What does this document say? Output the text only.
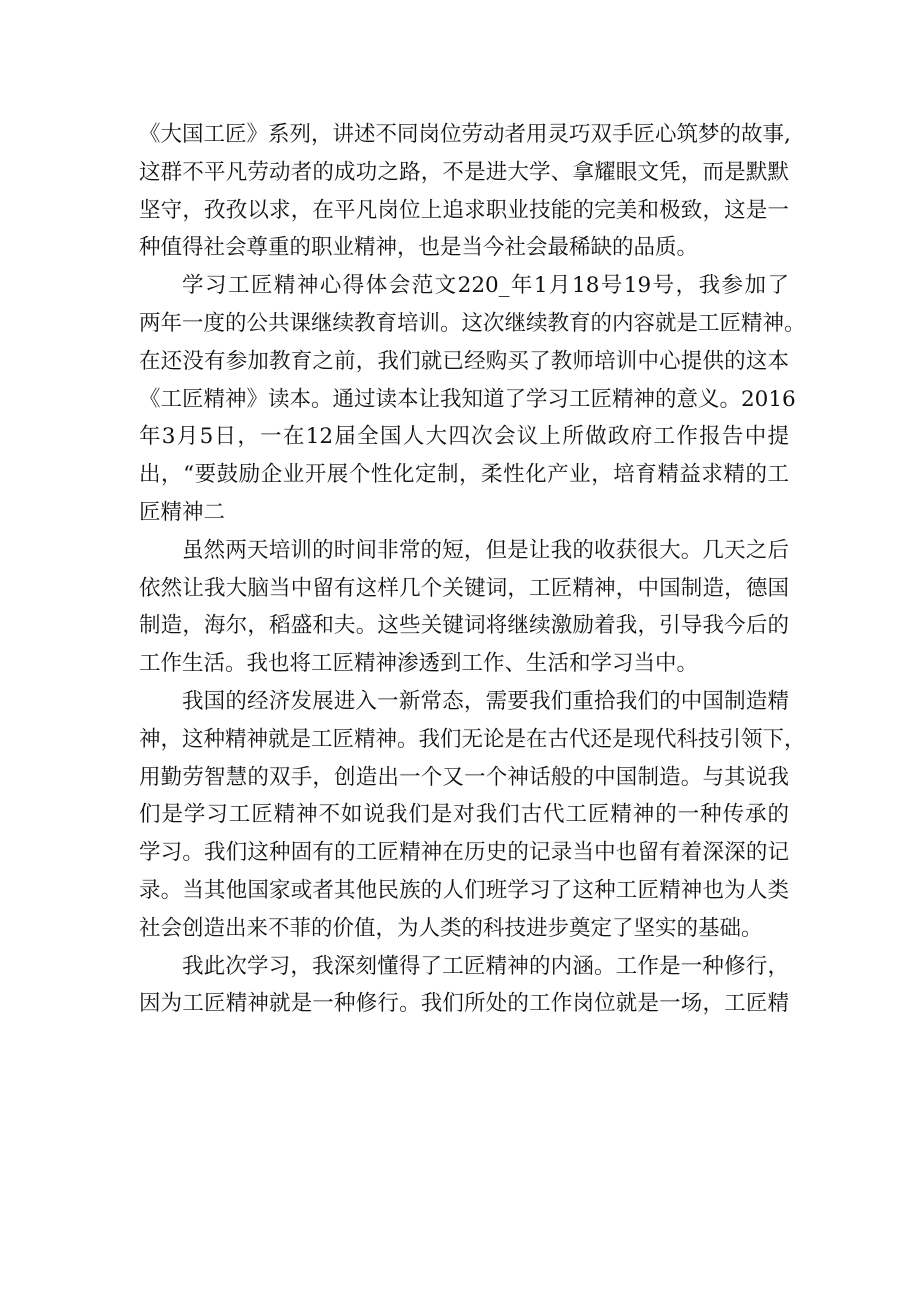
《大国工匠》系列，讲述不同岗位劳动者用灵巧双手匠心筑梦的故事,
这群不平凡劳动者的成功之路，不是进大学、拿耀眼文凭，而是默默
坚守，孜孜以求，在平凡岗位上追求职业技能的完美和极致，这是一
种值得社会尊重的职业精神，也是当今社会最稀缺的品质。
学习工匠精神心得体会范文220_年1月18号19号，我参加了
两年一度的公共课继续教育培训。这次继续教育的内容就是工匠精神。
在还没有参加教育之前，我们就已经购买了教师培训中心提供的这本
《工匠精神》读本。通过读本让我知道了学习工匠精神的意义。2016
年3月5日，一在12届全国人大四次会议上所做政府工作报告中提
出，“要鼓励企业开展个性化定制，柔性化产业，培育精益求精的工
匠精神二
虽然两天培训的时间非常的短，但是让我的收获很大。几天之后
依然让我大脑当中留有这样几个关键词，工匠精神，中国制造，德国
制造，海尔，稻盛和夫。这些关键词将继续激励着我，引导我今后的
工作生活。我也将工匠精神渗透到工作、生活和学习当中。
我国的经济发展进入一新常态，需要我们重拾我们的中国制造精
神，这种精神就是工匠精神。我们无论是在古代还是现代科技引领下，
用勤劳智慧的双手，创造出一个又一个神话般的中国制造。与其说我
们是学习工匠精神不如说我们是对我们古代工匠精神的一种传承的
学习。我们这种固有的工匠精神在历史的记录当中也留有着深深的记
录。当其他国家或者其他民族的人们班学习了这种工匠精神也为人类
社会创造出来不菲的价值，为人类的科技进步奠定了坚实的基础。
我此次学习，我深刻懂得了工匠精神的内涵。工作是一种修行，
因为工匠精神就是一种修行。我们所处的工作岗位就是一场，工匠精
